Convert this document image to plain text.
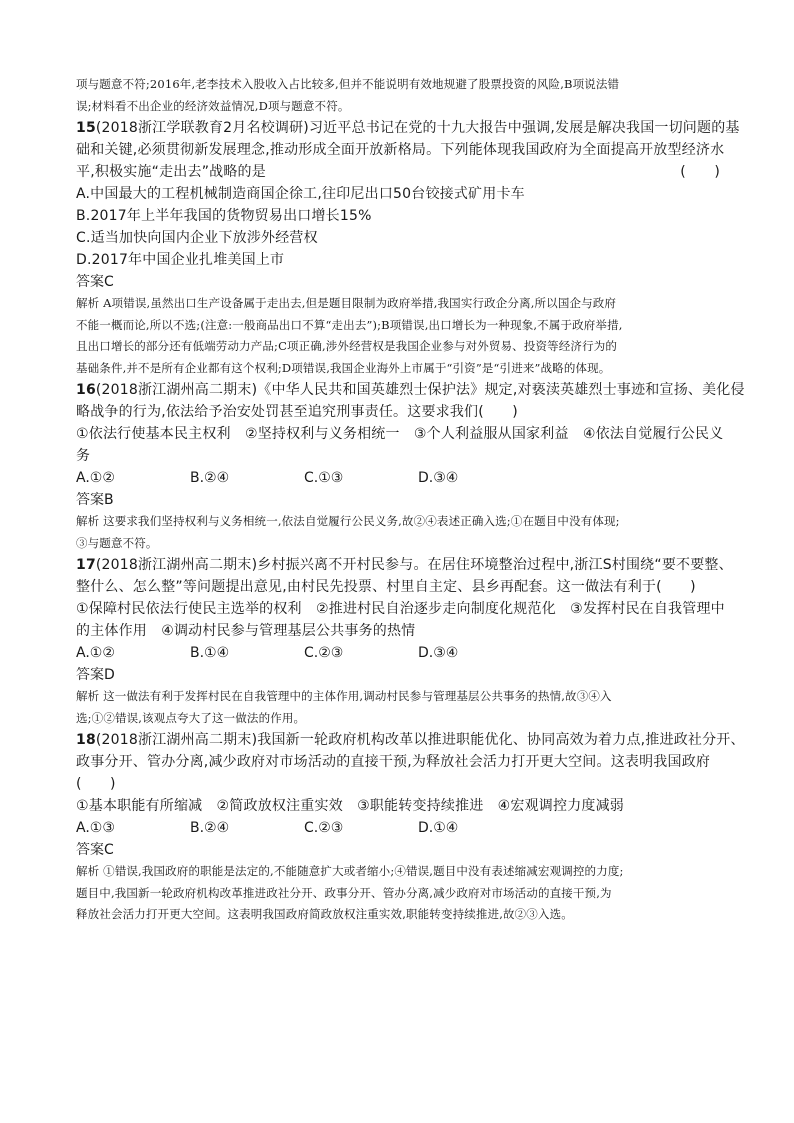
项与题意不符;2016年,老李技术入股收入占比较多,但并不能说明有效地规避了股票投资的风险,B项说法错
误;材料看不出企业的经济效益情况,D项与题意不符。
15(2018浙江学联教育2月名校调研)习近平总书记在党的十九大报告中强调,发展是解决我国一切问题的基
础和关键,必须贯彻新发展理念,推动形成全面开放新格局。下列能体现我国政府为全面提高开放型经济水
平,积极实施“走出去”战略的是	(　　)
A.中国最大的工程机械制造商国企徐工,往印尼出口50台铰接式矿用卡车
B.2017年上半年我国的货物贸易出口增长15%
C.适当加快向国内企业下放涉外经营权
D.2017年中国企业扎堆美国上市
答案C
解析 A项错误,虽然出口生产设备属于走出去,但是题目限制为政府举措,我国实行政企分离,所以国企与政府
不能一概而论,所以不选;(注意:一般商品出口不算“走出去”);B项错误,出口增长为一种现象,不属于政府举措,
且出口增长的部分还有低端劳动力产品;C项正确,涉外经营权是我国企业参与对外贸易、投资等经济行为的
基础条件,并不是所有企业都有这个权利;D项错误,我国企业海外上市属于“引资”是“引进来”战略的体现。
16(2018浙江湖州高二期末)《中华人民共和国英雄烈士保护法》规定,对亵渎英雄烈士事迹和宣扬、美化侵
略战争的行为,依法给予治安处罚甚至追究刑事责任。这要求我们(　　)
①依法行使基本民主权利　②坚持权利与义务相统一　③个人利益服从国家利益　④依法自觉履行公民义
务
A.①②	B.②④	C.①③	D.③④
答案B
解析 这要求我们坚持权利与义务相统一,依法自觉履行公民义务,故②④表述正确入选;①在题目中没有体现;
③与题意不符。
17(2018浙江湖州高二期末)乡村振兴离不开村民参与。在居住环境整治过程中,浙江S村围绕“要不要整、
整什么、怎么整”等问题提出意见,由村民先投票、村里自主定、县乡再配套。这一做法有利于(　　)
①保障村民依法行使民主选举的权利　②推进村民自治逐步走向制度化规范化　③发挥村民在自我管理中
的主体作用　④调动村民参与管理基层公共事务的热情
A.①②	B.①④	C.②③	D.③④
答案D
解析 这一做法有利于发挥村民在自我管理中的主体作用,调动村民参与管理基层公共事务的热情,故③④入
选;①②错误,该观点夸大了这一做法的作用。
18(2018浙江湖州高二期末)我国新一轮政府机构改革以推进职能优化、协同高效为着力点,推进政社分开、
政事分开、管办分离,减少政府对市场活动的直接干预,为释放社会活力打开更大空间。这表明我国政府
(　　)
①基本职能有所缩减　②简政放权注重实效　③职能转变持续推进　④宏观调控力度减弱
A.①③	B.②④	C.②③	D.①④
答案C
解析 ①错误,我国政府的职能是法定的,不能随意扩大或者缩小;④错误,题目中没有表述缩减宏观调控的力度;
题目中,我国新一轮政府机构改革推进政社分开、政事分开、管办分离,减少政府对市场活动的直接干预,为
释放社会活力打开更大空间。这表明我国政府简政放权注重实效,职能转变持续推进,故②③入选。
